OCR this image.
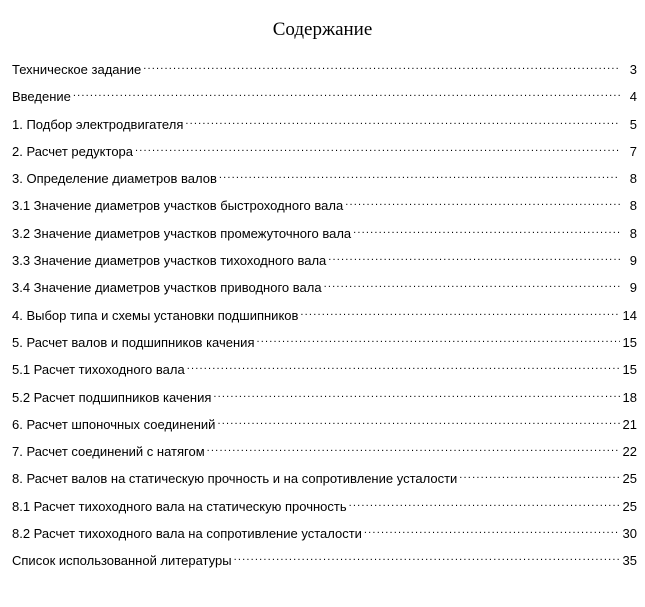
Содержание
Техническое задание .....	3
Введение .....	4
1. Подбор электродвигателя .....	5
2. Расчет редуктора .....	7
3. Определение диаметров валов .....	8
3.1 Значение диаметров участков быстроходного вала .....	8
3.2 Значение диаметров участков промежуточного вала .....	8
3.3 Значение диаметров участков тихоходного вала .....	9
3.4 Значение диаметров участков приводного вала .....	9
4. Выбор типа и схемы установки подшипников .....	14
5. Расчет валов и подшипников качения .....	15
5.1 Расчет тихоходного вала .....	15
5.2 Расчет подшипников качения .....	18
6. Расчет шпоночных соединений .....	21
7. Расчет соединений с натягом .....	22
8. Расчет валов на статическую прочность и на сопротивление усталости .....	25
8.1 Расчет тихоходного вала на статическую прочность .....	25
8.2 Расчет тихоходного вала на сопротивление усталости .....	30
Список использованной литературы .....	35
